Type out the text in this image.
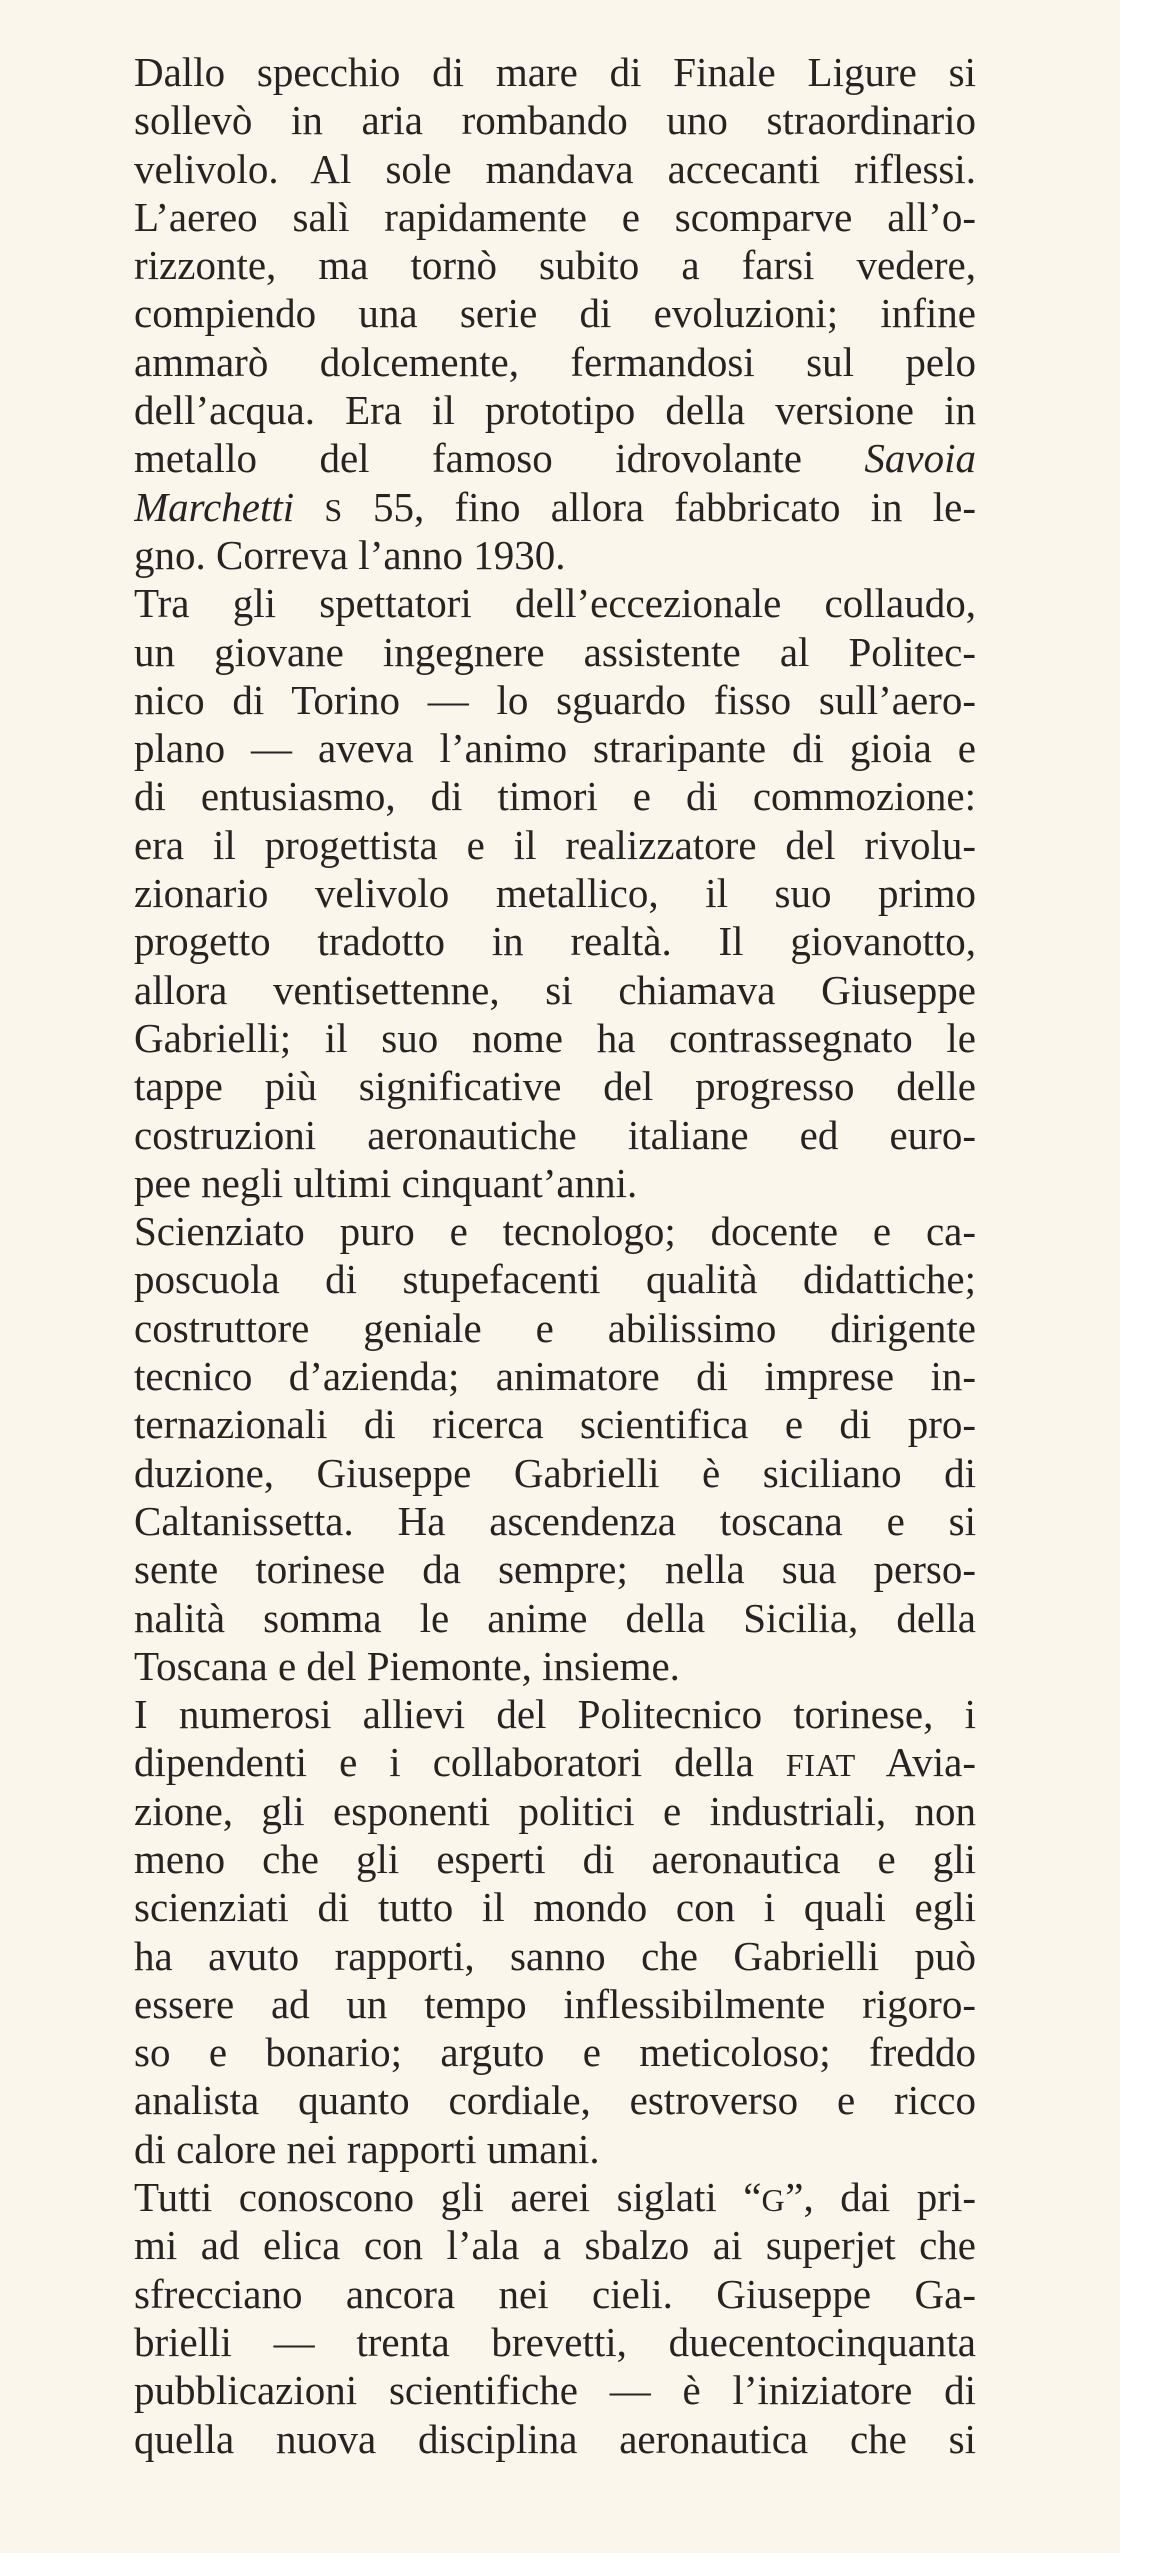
Dallo specchio di mare di Finale Ligure si
sollevò in aria rombando uno straordinario
velivolo. Al sole mandava accecanti riflessi.
L’aereo salì rapidamente e scomparve all’o-
rizzonte, ma tornò subito a farsi vedere,
compiendo una serie di evoluzioni; infine
ammarò dolcemente, fermandosi sul pelo
dell’acqua. Era il prototipo della versione in
metallo del famoso idrovolante Savoia
Marchetti S 55, fino allora fabbricato in le-
gno. Correva l’anno 1930.
Tra gli spettatori dell’eccezionale collaudo,
un giovane ingegnere assistente al Politec-
nico di Torino — lo sguardo fisso sull’aero-
plano — aveva l’animo straripante di gioia e
di entusiasmo, di timori e di commozione:
era il progettista e il realizzatore del rivolu-
zionario velivolo metallico, il suo primo
progetto tradotto in realtà. Il giovanotto,
allora ventisettenne, si chiamava Giuseppe
Gabrielli; il suo nome ha contrassegnato le
tappe più significative del progresso delle
costruzioni aeronautiche italiane ed euro-
pee negli ultimi cinquant’anni.
Scienziato puro e tecnologo; docente e ca-
poscuola di stupefacenti qualità didattiche;
costruttore geniale e abilissimo dirigente
tecnico d’azienda; animatore di imprese in-
ternazionali di ricerca scientifica e di pro-
duzione, Giuseppe Gabrielli è siciliano di
Caltanissetta. Ha ascendenza toscana e si
sente torinese da sempre; nella sua perso-
nalità somma le anime della Sicilia, della
Toscana e del Piemonte, insieme.
I numerosi allievi del Politecnico torinese, i
dipendenti e i collaboratori della FIAT Avia-
zione, gli esponenti politici e industriali, non
meno che gli esperti di aeronautica e gli
scienziati di tutto il mondo con i quali egli
ha avuto rapporti, sanno che Gabrielli può
essere ad un tempo inflessibilmente rigoro-
so e bonario; arguto e meticoloso; freddo
analista quanto cordiale, estroverso e ricco
di calore nei rapporti umani.
Tutti conoscono gli aerei siglati “G”, dai pri-
mi ad elica con l’ala a sbalzo ai superjet che
sfrecciano ancora nei cieli. Giuseppe Ga-
brielli — trenta brevetti, duecentocinquanta
pubblicazioni scientifiche — è l’iniziatore di
quella nuova disciplina aeronautica che si
